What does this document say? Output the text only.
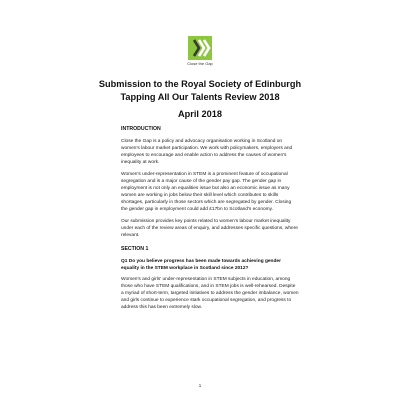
Close the Gap
Submission to the Royal Society of Edinburgh
Tapping All Our Talents Review 2018
April 2018
INTRODUCTION

Close the Gap is a policy and advocacy organisation working in Scotland on women's labour market participation. We work with policymakers, employers and employees to encourage and enable action to address the causes of women's inequality at work.

Women's under-representation in STEM is a prominent feature of occupational segregation and is a major cause of the gender pay gap. The gender gap in employment is not only an equalities issue but also an economic issue as many women are working in jobs below their skill level which contributes to skills shortages, particularly in those sectors which are segregated by gender. Closing the gender gap in employment could add £17bn to Scotland's economy.

Our submission provides key points related to women's labour market inequality under each of the review areas of enquiry, and addresses specific questions, where relevant.

SECTION 1

Q1 Do you believe progress has been made towards achieving gender equality in the STEM workplace in Scotland since 2012?

Women's and girls' under-representation in STEM subjects in education, among those who have STEM qualifications, and in STEM jobs is well-rehearsed. Despite a myriad of short-term, targeted initiatives to address the gender imbalance, women and girls continue to experience stark occupational segregation, and progress to address this has been extremely slow.

1
